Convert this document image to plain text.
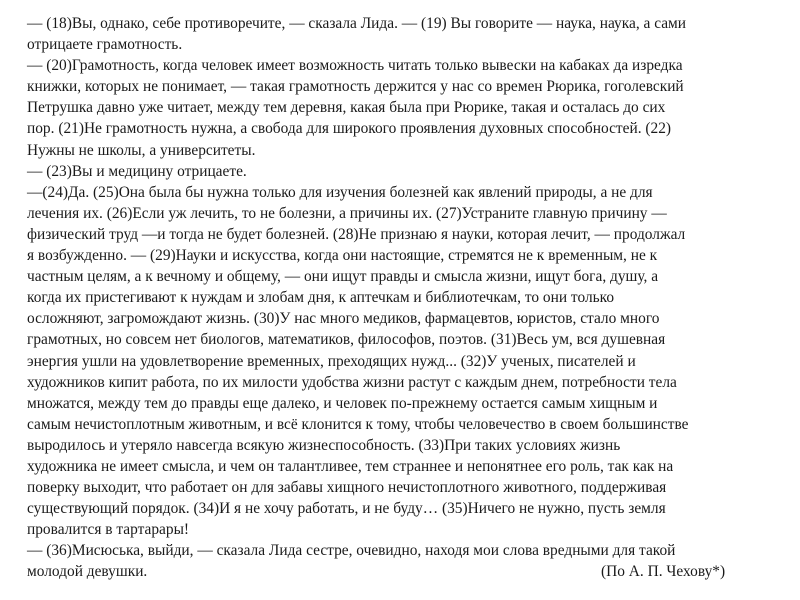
— (18)Вы, однако, себе противоречите, — сказала Лида. — (19) Вы говорите — наука, наука, а сами
отрицаете грамотность.
— (20)Грамотность, когда человек имеет возможность читать только вывески на кабаках да изредка
книжки, которых не понимает, — такая грамотность держится у нас со времен Рюрика, гоголевский
Петрушка давно уже читает, между тем деревня, какая была при Рюрике, такая и осталась до сих
пор. (21)Не грамотность нужна, а свобода для широкого проявления духовных способностей. (22)
Нужны не школы, а университеты.
— (23)Вы и медицину отрицаете.
—(24)Да. (25)Она была бы нужна только для изучения болезней как явлений природы, а не для
лечения их. (26)Если уж лечить, то не болезни, а причины их. (27)Устраните главную причину —
физический труд —и тогда не будет болезней. (28)Не признаю я науки, которая лечит, — продолжал
я возбужденно. — (29)Науки и искусства, когда они настоящие, стремятся не к временным, не к
частным целям, а к вечному и общему, — они ищут правды и смысла жизни, ищут бога, душу, а
когда их пристегивают к нуждам и злобам дня, к аптечкам и библиотечкам, то они только
осложняют, загромождают жизнь. (30)У нас много медиков, фармацевтов, юристов, стало много
грамотных, но совсем нет биологов, математиков, философов, поэтов. (31)Весь ум, вся душевная
энергия ушли на удовлетворение временных, преходящих нужд... (32)У ученых, писателей и
художников кипит работа, по их милости удобства жизни растут с каждым днем, потребности тела
множатся, между тем до правды еще далеко, и человек по-прежнему остается самым хищным и
самым нечистоплотным животным, и всё клонится к тому, чтобы человечество в своем большинстве
выродилось и утеряло навсегда всякую жизнеспособность. (33)При таких условиях жизнь
художника не имеет смысла, и чем он талантливее, тем страннее и непонятнее его роль, так как на
поверку выходит, что работает он для забавы хищного нечистоплотного животного, поддерживая
существующий порядок. (34)И я не хочу работать, и не буду… (35)Ничего не нужно, пусть земля
провалится в тартарары!
— (36)Мисюська, выйди, — сказала Лида сестре, очевидно, находя мои слова вредными для такой
молодой девушки.	(По А. П. Чехову*)
